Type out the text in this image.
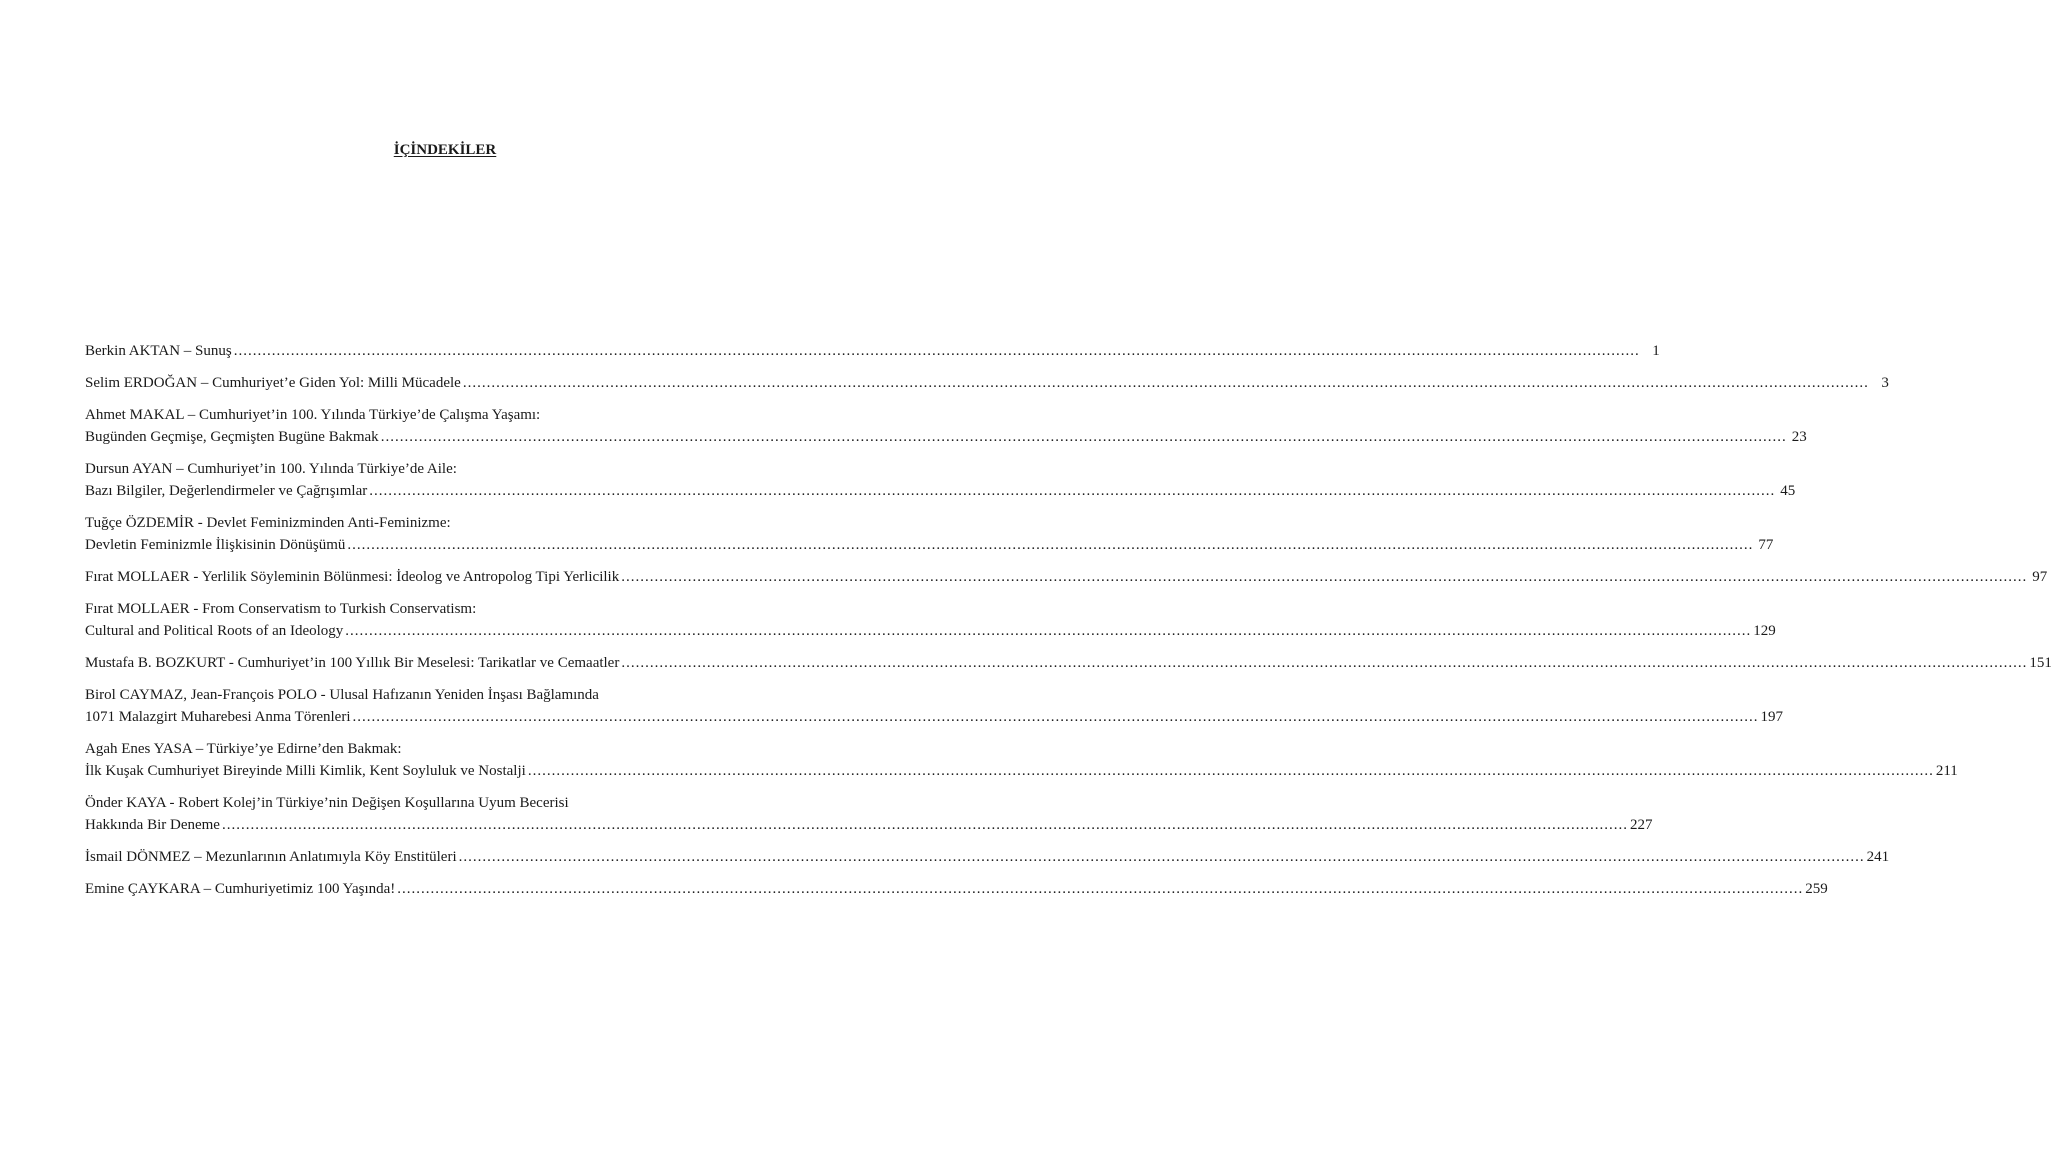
İÇİNDEKİLER
Berkin AKTAN – Sunuş .....	1
Selim ERDOĞAN – Cumhuriyet’e Giden Yol: Milli Mücadele .....	3
Ahmet MAKAL – Cumhuriyet’in 100. Yılında Türkiye’de Çalışma Yaşamı:
Bugünden Geçmişe, Geçmişten Bugüne Bakmak .....	23
Dursun AYAN – Cumhuriyet’in 100. Yılında Türkiye’de Aile:
Bazı Bilgiler, Değerlendirmeler ve Çağrışımlar .....	45
Tuğçe ÖZDEMİR - Devlet Feminizminden Anti-Feminizme:
Devletin Feminizmle İlişkisinin Dönüşümü .....	77
Fırat MOLLAER - Yerlilik Söyleminin Bölünmesi: İdeolog ve Antropolog Tipi Yerlicilik .....	97
Fırat MOLLAER - From Conservatism to Turkish Conservatism:
Cultural and Political Roots of an Ideology .....	129
Mustafa B. BOZKURT - Cumhuriyet’in 100 Yıllık Bir Meselesi: Tarikatlar ve Cemaatler .....	151
Birol CAYMAZ, Jean-François POLO - Ulusal Hafızanın Yeniden İnşası Bağlamında
1071 Malazgirt Muharebesi Anma Törenleri .....	197
Agah Enes YASA – Türkiye’ye Edirne’den Bakmak:
İlk Kuşak Cumhuriyet Bireyinde Milli Kimlik, Kent Soyluluk ve Nostalji .....	211
Önder KAYA - Robert Kolej’in Türkiye’nin Değişen Koşullarına Uyum Becerisi
Hakkında Bir Deneme .....	227
İsmail DÖNMEZ – Mezunlarının Anlatımıyla Köy Enstitüleri .....	241
Emine ÇAYKARA – Cumhuriyetimiz 100 Yaşında! .....	259
